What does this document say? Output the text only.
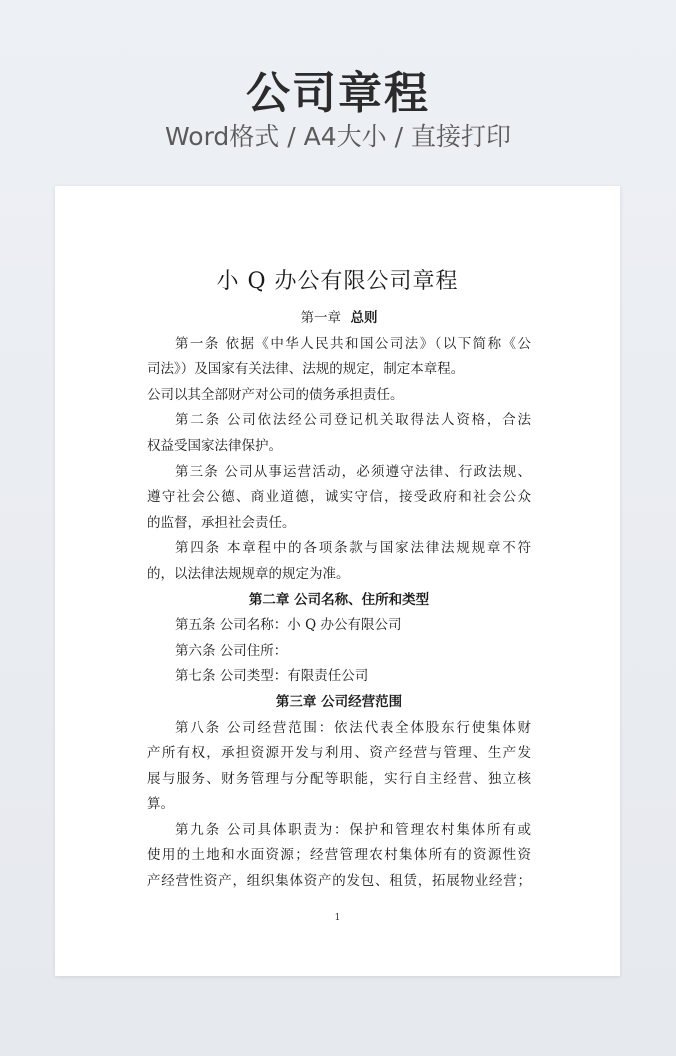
公司章程

Word格式 / A4大小 / 直接打印

小 Q 办公有限公司章程
第一章 总则
第一条 依据《中华人民共和国公司法》（以下简称《公
司法》）及国家有关法律、法规的规定，制定本章程。
公司以其全部财产对公司的债务承担责任。
第二条 公司依法经公司登记机关取得法人资格，合法
权益受国家法律保护。
第三条 公司从事运营活动，必须遵守法律、行政法规、
遵守社会公德、商业道德，诚实守信，接受政府和社会公众
的监督，承担社会责任。
第四条 本章程中的各项条款与国家法律法规规章不符
的，以法律法规规章的规定为准。
第二章 公司名称、住所和类型
第五条 公司名称：小 Q 办公有限公司
第六条 公司住所：
第七条 公司类型：有限责任公司
第三章 公司经营范围
第八条 公司经营范围：依法代表全体股东行使集体财
产所有权，承担资源开发与利用、资产经营与管理、生产发
展与服务、财务管理与分配等职能，实行自主经营、独立核
算。
第九条 公司具体职责为：保护和管理农村集体所有或
使用的土地和水面资源；经营管理农村集体所有的资源性资
产经营性资产，组织集体资产的发包、租赁，拓展物业经营；
1
